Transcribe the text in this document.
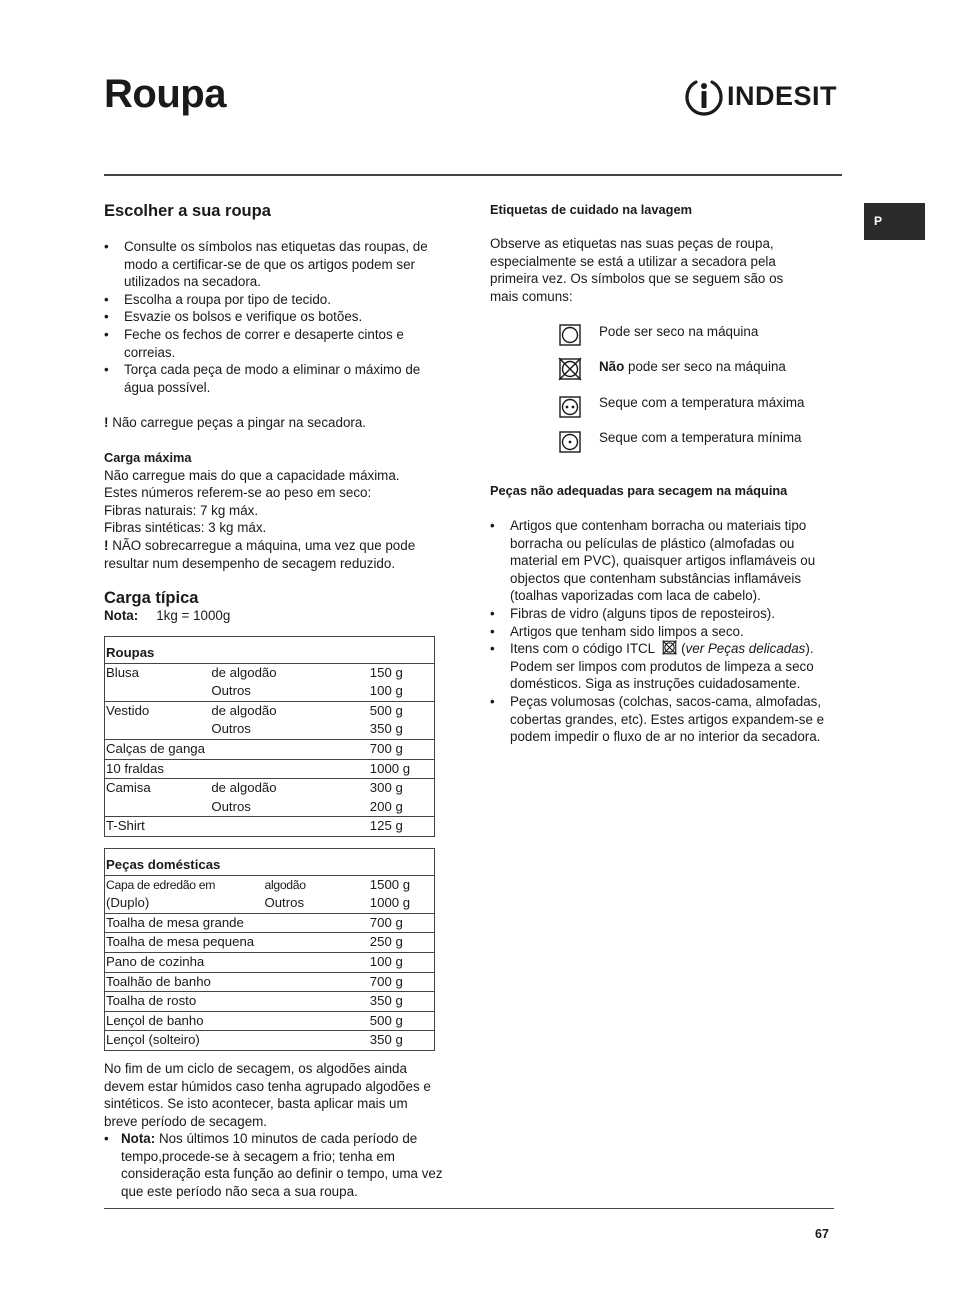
Roupa	INDESIT
P
Escolher a sua roupa
• Consulte os símbolos nas etiquetas das roupas, de modo a certificar-se de que os artigos podem ser utilizados na secadora.
• Escolha a roupa por tipo de tecido.
• Esvazie os bolsos e verifique os botões.
• Feche os fechos de correr e desaperte cintos e correias.
• Torça cada peça de modo a eliminar o máximo de água possível.

! Não carregue peças a pingar na secadora.

Carga máxima
Não carregue mais do que a capacidade máxima.
Estes números referem-se ao peso em seco:
Fibras naturais: 7 kg máx.
Fibras sintéticas: 3 kg máx.
! NÃO sobrecarregue a máquina, uma vez que pode resultar num desempenho de secagem reduzido.
Carga típica
Nota: 1kg = 1000g
Roupas		
Blusa	de algodão	150 g
	Outros	100 g
Vestido	de algodão	500 g
	Outros	350 g
Calças de ganga		700 g
10 fraldas		1000 g
Camisa	de algodão	300 g
	Outros	200 g
T-Shirt		125 g
Peças domésticas		
Capa de edredão em	algodão	1500 g
(Duplo)	Outros	1000 g
Toalha de mesa grande		700 g
Toalha de mesa pequena		250 g
Pano de cozinha		100 g
Toalhão de banho		700 g
Toalha de rosto		350 g
Lençol de banho		500 g
Lençol (solteiro)		350 g

No fim de um ciclo de secagem, os algodões ainda devem estar húmidos caso tenha agrupado algodões e sintéticos. Se isto acontecer, basta aplicar mais um breve período de secagem.

• Nota: Nos últimos 10 minutos de cada período de tempo,procede-se à secagem a frio; tenha em consideração esta função ao definir o tempo, uma vez que este período não seca a sua roupa.
Etiquetas de cuidado na lavagem

Observe as etiquetas nas suas peças de roupa, especialmente se está a utilizar a secadora pela primeira vez. Os símbolos que se seguem são os mais comuns:

Pode ser seco na máquina
Não pode ser seco na máquina
Seque com a temperatura máxima
Seque com a temperatura mínima
Peças não adequadas para secagem na máquina
• Artigos que contenham borracha ou materiais tipo borracha ou películas de plástico (almofadas ou material em PVC), quaisquer artigos inflamáveis ou objectos que contenham substâncias inflamáveis (toalhas vaporizadas com laca de cabelo).
• Fibras de vidro (alguns tipos de reposteiros).
• Artigos que tenham sido limpos a seco.
• Itens com o código ITCL  (ver Peças delicadas). Podem ser limpos com produtos de limpeza a seco domésticos. Siga as instruções cuidadosamente.
• Peças volumosas (colchas, sacos-cama, almofadas, cobertas grandes, etc). Estes artigos expandem-se e podem impedir o fluxo de ar no interior da secadora.
67
